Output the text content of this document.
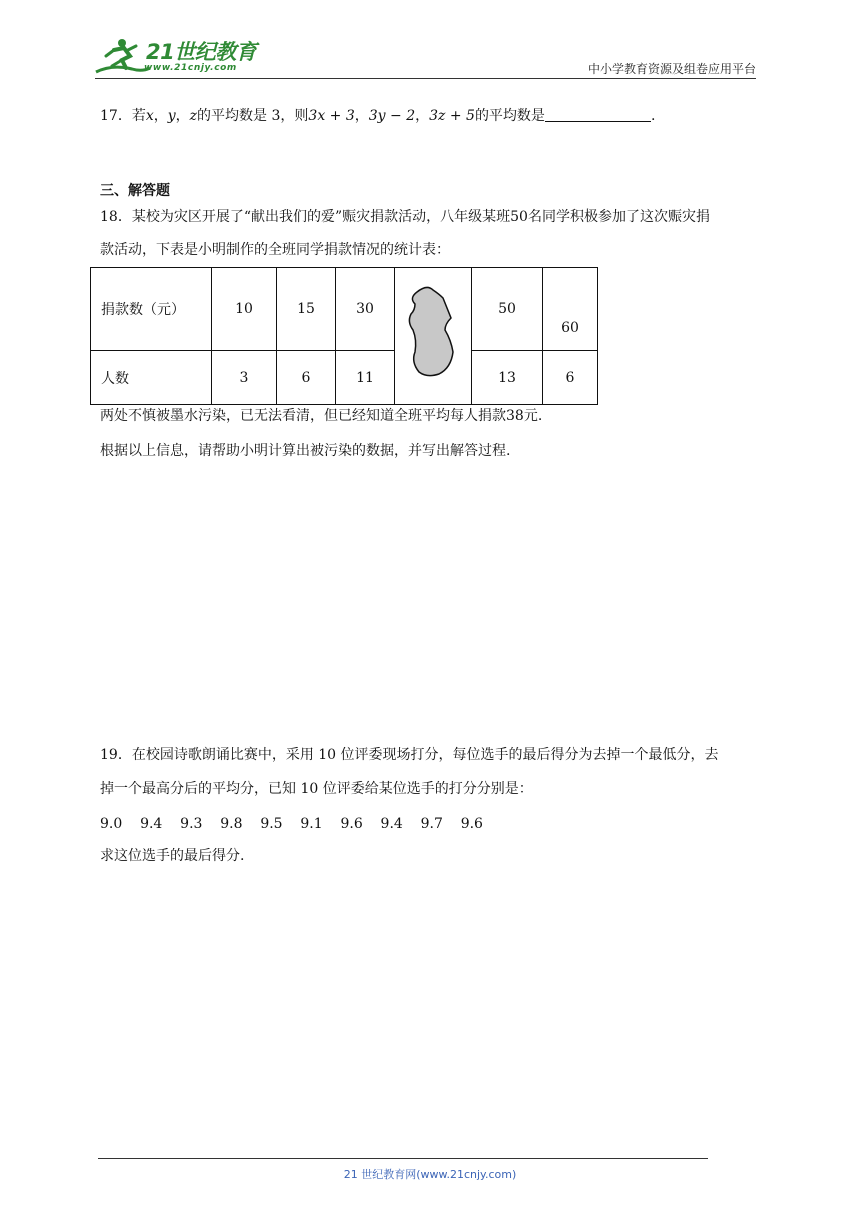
21世纪教育
www.21cnjy.com	中小学教育资源及组卷应用平台
17．若x，y，z的平均数是 3，则3x + 3，3y − 2，3z + 5的平均数是	.
三、解答题
18．某校为灾区开展了“献出我们的爱”赈灾捐款活动，八年级某班50名同学积极参加了这次赈灾捐
款活动，下表是小明制作的全班同学捐款情况的统计表：
捐款数（元）	10	15	30		50	60
人数	3	6	11		13	6
两处不慎被墨水污染，已无法看清，但已经知道全班平均每人捐款38元.
根据以上信息，请帮助小明计算出被污染的数据，并写出解答过程.
19．在校园诗歌朗诵比赛中，采用 10 位评委现场打分，每位选手的最后得分为去掉一个最低分，去
掉一个最高分后的平均分，已知 10 位评委给某位选手的打分分别是：
9.0 9.4 9.3 9.8 9.5 9.1 9.6 9.4 9.7 9.6
求这位选手的最后得分.
21 世纪教育网(www.21cnjy.com)
